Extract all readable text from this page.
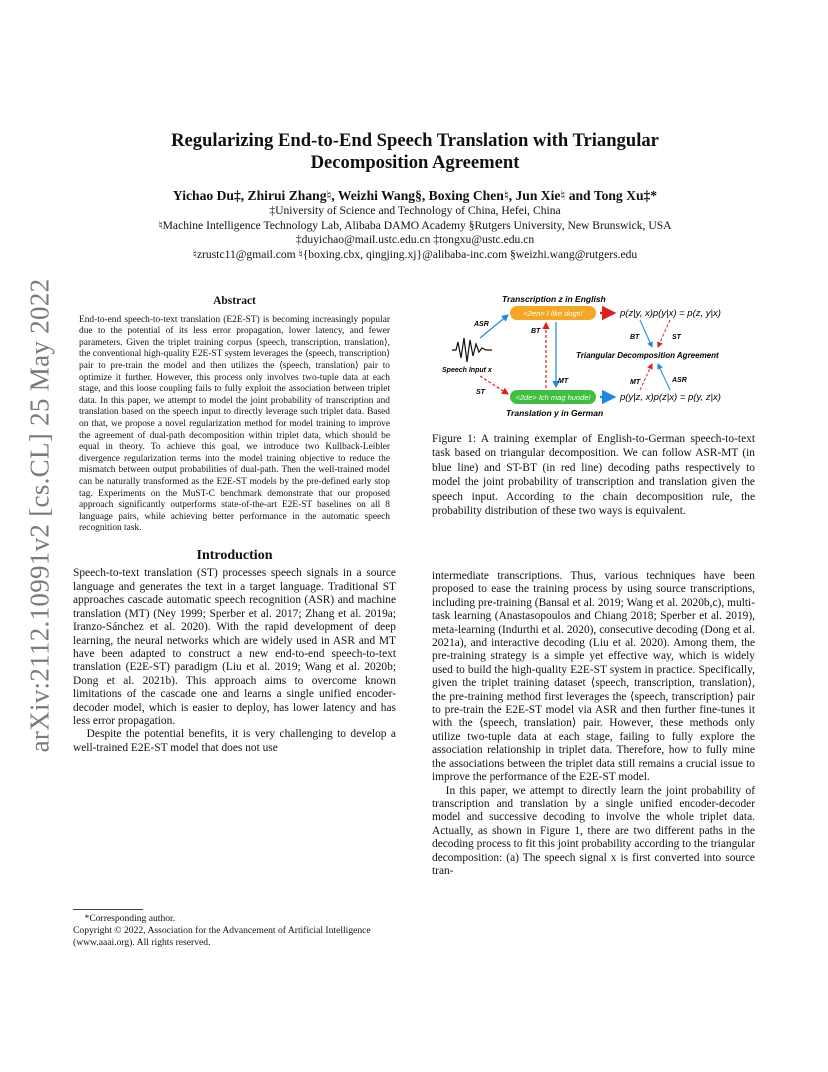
arXiv:2112.10991v2 [cs.CL] 25 May 2022
Regularizing End-to-End Speech Translation with Triangular
Decomposition Agreement
Yichao Du‡, Zhirui Zhang♮, Weizhi Wang§, Boxing Chen♮, Jun Xie♮ and Tong Xu‡*
‡University of Science and Technology of China, Hefei, China
♮Machine Intelligence Technology Lab, Alibaba DAMO Academy §Rutgers University, New Brunswick, USA
‡duyichao@mail.ustc.edu.cn ‡tongxu@ustc.edu.cn
♮zrustc11@gmail.com ♮{boxing.cbx, qingjing.xj}@alibaba-inc.com §weizhi.wang@rutgers.edu
Abstract

End-to-end speech-to-text translation (E2E-ST) is becoming increasingly popular due to the potential of its less error propagation, lower latency, and fewer parameters. Given the triplet training corpus ⟨speech, transcription, translation⟩, the conventional high-quality E2E-ST system leverages the ⟨speech, transcription⟩ pair to pre-train the model and then utilizes the ⟨speech, translation⟩ pair to optimize it further. However, this process only involves two-tuple data at each stage, and this loose coupling fails to fully exploit the association between triplet data. In this paper, we attempt to model the joint probability of transcription and translation based on the speech input to directly leverage such triplet data. Based on that, we propose a novel regularization method for model training to improve the agreement of dual-path decomposition within triplet data, which should be equal in theory. To achieve this goal, we introduce two Kullback-Leibler divergence regularization terms into the model training objective to reduce the mismatch between output probabilities of dual-path. Then the well-trained model can be naturally transformed as the E2E-ST models by the pre-defined early stop tag. Experiments on the MuST-C benchmark demonstrate that our proposed approach significantly outperforms state-of-the-art E2E-ST baselines on all 8 language pairs, while achieving better performance in the automatic speech recognition task.

Introduction

Speech-to-text translation (ST) processes speech signals in a source language and generates the text in a target language. Traditional ST approaches cascade automatic speech recognition (ASR) and machine translation (MT) (Ney 1999; Sperber et al. 2017; Zhang et al. 2019a; Iranzo-Sánchez et al. 2020). With the rapid development of deep learning, the neural networks which are widely used in ASR and MT have been adapted to construct a new end-to-end speech-to-text translation (E2E-ST) paradigm (Liu et al. 2019; Wang et al. 2020b; Dong et al. 2021b). This approach aims to overcome known limitations of the cascade one and learns a single unified encoder-decoder model, which is easier to deploy, has lower latency and has less error propagation.

Despite the potential benefits, it is very challenging to develop a well-trained E2E-ST model that does not use

*Corresponding author.

Copyright © 2022, Association for the Advancement of Artificial Intelligence (www.aaai.org). All rights reserved.

Transcription z in English
<2en> I like dogs!
<2de> Ich mag hunde!
Translation y in German
Speech Input x
ASR
ST
BT
MT
p(z|y, x)p(y|x) = p(z, y|x)
p(y|z, x)p(z|x) = p(y, z|x)
Triangular Decomposition Agreement
BT	ST
MT	ASR
Figure 1: A training exemplar of English-to-German speech-to-text task based on triangular decomposition. We can follow ASR-MT (in blue line) and ST-BT (in red line) decoding paths respectively to model the joint probability of transcription and translation given the speech input. According to the chain decomposition rule, the probability distribution of these two ways is equivalent.

intermediate transcriptions. Thus, various techniques have been proposed to ease the training process by using source transcriptions, including pre-training (Bansal et al. 2019; Wang et al. 2020b,c), multi-task learning (Anastasopoulos and Chiang 2018; Sperber et al. 2019), meta-learning (Indurthi et al. 2020), consecutive decoding (Dong et al. 2021a), and interactive decoding (Liu et al. 2020). Among them, the pre-training strategy is a simple yet effective way, which is widely used to build the high-quality E2E-ST system in practice. Specifically, given the triplet training dataset ⟨speech, transcription, translation⟩, the pre-training method first leverages the ⟨speech, transcription⟩ pair to pre-train the E2E-ST model via ASR and then further fine-tunes it with the ⟨speech, translation⟩ pair. However, these methods only utilize two-tuple data at each stage, failing to fully explore the association relationship in triplet data. Therefore, how to fully mine the associations between the triplet data still remains a crucial issue to improve the performance of the E2E-ST model.

In this paper, we attempt to directly learn the joint probability of transcription and translation by a single unified encoder-decoder model and successive decoding to involve the whole triplet data. Actually, as shown in Figure 1, there are two different paths in the decoding process to fit this joint probability according to the triangular decomposition: (a) The speech signal x is first converted into source tran-
